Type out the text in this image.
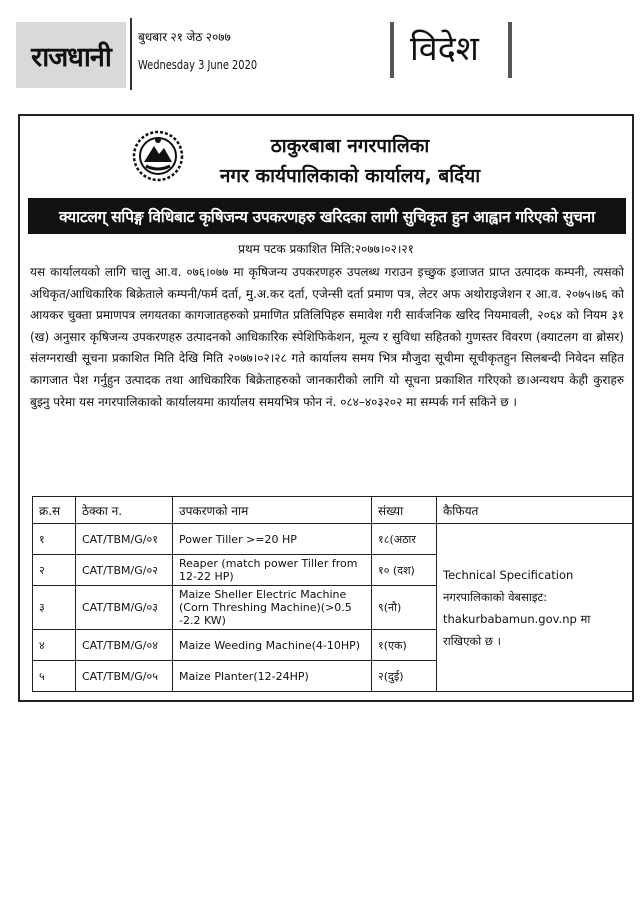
राजधानी
बुधबार २१ जेठ २०७७
Wednesday 3 June 2020	विदेश
ठाकुरबाबा नगरपालिका
नगर कार्यपालिकाको कार्यालय, बर्दिया
क्याटलग् सपिङ्ग विधिबाट कृषिजन्य उपकरणहरु खरिदका लागी सुचिकृत हुन आह्वान गरिएको सुचना
प्रथम पटक प्रकाशित मिति:२०७७।०२।२१
यस कार्यालयको लागि चालु आ.व. ०७६।०७७ मा कृषिजन्य उपकरणहरु उपलब्ध गराउन इच्छुक इजाजत प्राप्त उत्पादक कम्पनी, त्यसको अधिकृत/आधिकारिक बिक्रेताले कम्पनी/फर्म दर्ता, मु.अ.कर दर्ता, एजेन्सी दर्ता प्रमाण पत्र, लेटर अफ अथोराइजेशन र आ.व. २०७५।७६ को आयकर चुक्ता प्रमाणपत्र लगयतका कागजातहरुको प्रमाणित प्रतिलिपिहरु समावेश गरी सार्वजनिक खरिद नियमावली, २०६४ को नियम ३१ (ख) अनुसार कृषिजन्य उपकरणहरु उत्पादनको आधिकारिक स्पेशिफिकेशन, मूल्य र सुविधा सहितको गुणस्तर विवरण (क्याटलग वा ब्रोसर) संलग्नराखी सूचना प्रकाशित मिति देखि मिति २०७७।०२।२८ गते कार्यालय समय भित्र मौजुदा सूचीमा सूचीकृतहुन सिलबन्दी निवेदन सहित कागजात पेश गर्नुहुन उत्पादक तथा आधिकारिक बिक्रेताहरुको जानकारीको लागि यो सूचना प्रकाशित गरिएको छ।अन्यथप केही कुराहरु बुझ्नु परेमा यस नगरपालिकाको कार्यालयमा कार्यालय समयभित्र फोन नं. ०८४–४०३२०२ मा सम्पर्क गर्न सकिने छ ।
क्र.स	ठेक्का न.	उपकरणको नाम	संख्या	कैफियत
१	CAT/TBM/G/०१	Power Tiller >=20 HP	१८(अठार	Technical Specification नगरपालिकाको वेबसाइट: thakurbabamun.gov.np मा राखिएको छ ।
२	CAT/TBM/G/०२	Reaper (match power Tiller from 12-22 HP)	१० (दश)	
३	CAT/TBM/G/०३	Maize Sheller Electric Machine (Corn Threshing Machine)(>0.5 -2.2 KW)	९(नौ)	
४	CAT/TBM/G/०४	Maize Weeding Machine(4-10HP)	१(एक)	
५	CAT/TBM/G/०५	Maize Planter(12-24HP)	२(दुई)	
